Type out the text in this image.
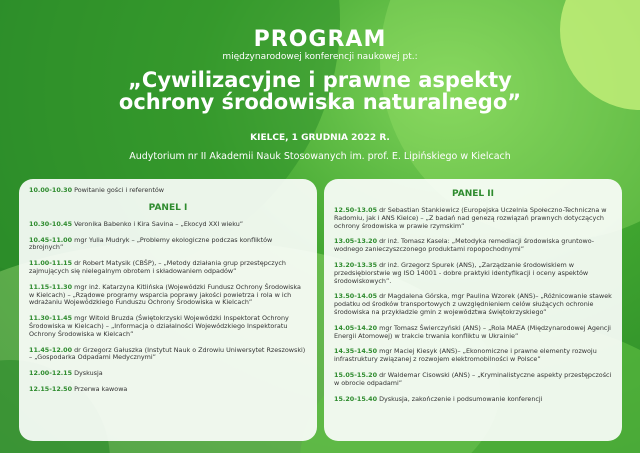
PROGRAM
międzynarodowej konferencji naukowej pt.:
„Cywilizacyjne i prawne aspekty
ochrony środowiska naturalnego”
KIELCE, 1 GRUDNIA 2022 R.
Audytorium nr II Akademii Nauk Stosowanych im. prof. E. Lipińskiego w Kielcach
10.00-10.30 Powitanie gości i referentów
PANEL I
10.30-10.45 Veronika Babenko i Kira Savina – „Ekocyd XXI wieku”
10.45-11.00 mgr Yulia Mudryk – „Problemy ekologiczne podczas konfliktów zbrojnych”
11.00-11.15 dr Robert Matysik (CBŚP), – „Metody działania grup przestępczych zajmujących się nielegalnym obrotem i składowaniem odpadów”
11.15-11.30 mgr inż. Katarzyna Kitlińska (Wojewódzki Fundusz Ochrony Środowiska w Kielcach) – „Rządowe programy wsparcia poprawy jakości powietrza i rola w ich wdrażaniu Wojewódzkiego Funduszu Ochrony Środowiska w Kielcach”
11.30-11.45 mgr Witold Bruzda (Świętokrzyski Wojewódzki Inspektorat Ochrony Środowiska w Kielcach) – „Informacja o działalności Wojewódzkiego Inspektoratu Ochrony Środowiska w Kielcach”
11.45-12.00 dr Grzegorz Gałuszka (Instytut Nauk o Zdrowiu Uniwersytet Rzeszowski) – „Gospodarka Odpadami Medycznymi”
12.00-12.15 Dyskusja
12.15-12.50 Przerwa kawowa
PANEL II
12.50-13.05 dr Sebastian Stankiewicz (Europejska Uczelnia Społeczno-Techniczna w Radomiu, jak i ANS Kielce) – „Z badań nad genezą rozwiązań prawnych dotyczących ochrony środowiska w prawie rzymskim”
13.05-13.20 dr inż. Tomasz Kasela: „Metodyka remediacji środowiska gruntowo-wodnego zanieczyszczonego produktami ropopochodnymi”
13.20-13.35 dr inż. Grzegorz Spurek (ANS), „Zarządzanie środowiskiem w przedsiębiorstwie wg ISO 14001 - dobre praktyki identyfikacji i oceny aspektów środowiskowych”.
13.50-14.05 dr Magdalena Górska, mgr Paulina Wzorek (ANS)– „Różnicowanie stawek podatku od środków transportowych z uwzględnieniem celów służących ochronie środowiska na przykładzie gmin z województwa świętokrzyskiego”
14.05-14.20 mgr Tomasz Świerczyński (ANS) – „Rola MAEA (Międzynarodowej Agencji Energii Atomowej) w trakcie trwania konfliktu w Ukrainie”
14.35-14.50 mgr Maciej Kiesyk (ANS)– „Ekonomiczne i prawne elementy rozwoju infrastruktury związanej z rozwojem elektromobilności w Polsce”
15.05-15.20 dr Waldemar Cisowski (ANS) – „Kryminalistyczne aspekty przestępczości w obrocie odpadami”
15.20-15.40 Dyskusja, zakończenie i podsumowanie konferencji
